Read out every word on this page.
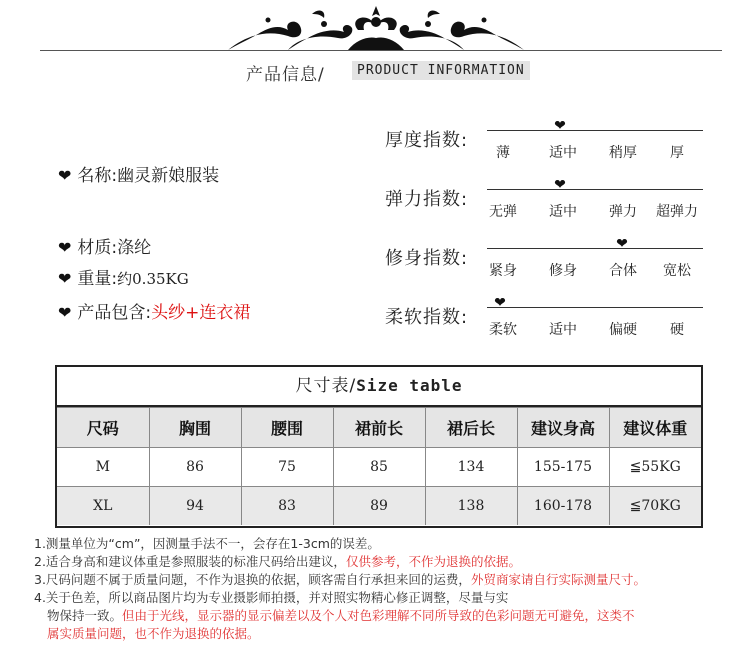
产品信息/	PRODUCT INFORMATION
❤ 名称:幽灵新娘服装
❤ 材质:涤纶
❤ 重量:约0.35KG
❤ 产品包含:头纱+连衣裙
厚度指数:
❤
薄	适中 稍厚 厚
弹力指数:
❤
无弹 适中 弹力 超弹力
修身指数:
❤
紧身 修身 合体 宽松
柔软指数:
❤
柔软 适中 偏硬 硬
尺寸表/Size table
尺码	胸围	腰围	裙前长	裙后长	建议身高	建议体重
M	86	75	85	134	155-175	≦55KG
XL	94	83	89	138	160-178	≦70KG
1.测量单位为“cm”，因测量手法不一，会存在1-3cm的误差。
2.适合身高和建议体重是参照服装的标准尺码给出建议，仅供参考，不作为退换的依据。
3.尺码问题不属于质量问题，不作为退换的依据，顾客需自行承担来回的运费，外贸商家请自行实际测量尺寸。
4.关于色差，所以商品图片均为专业摄影师拍摄，并对照实物精心修正调整，尽量与实
物保持一致。但由于光线，显示器的显示偏差以及个人对色彩理解不同所导致的色彩问题无可避免，这类不
属实质量问题，也不作为退换的依据。
